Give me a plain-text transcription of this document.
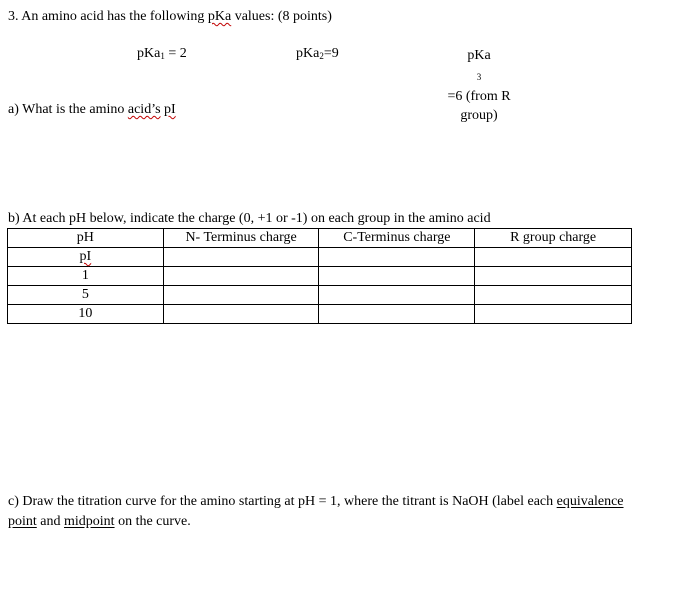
3. An amino acid has the following pKa values: (8 points)
pKa$_1$ = 2	pKa$_2$=9	pKa
$_3$
=6 (from R
group)
a) What is the amino acid’s pI
b) At each pH below, indicate the charge (0, +1 or -1) on each group in the amino acid
pH	N- Terminus charge	C-Terminus charge	R group charge
pI			
1			
5			
10			
c) Draw the titration curve for the amino starting at pH = 1, where the titrant is NaOH (label each equivalence point and midpoint on the curve.
